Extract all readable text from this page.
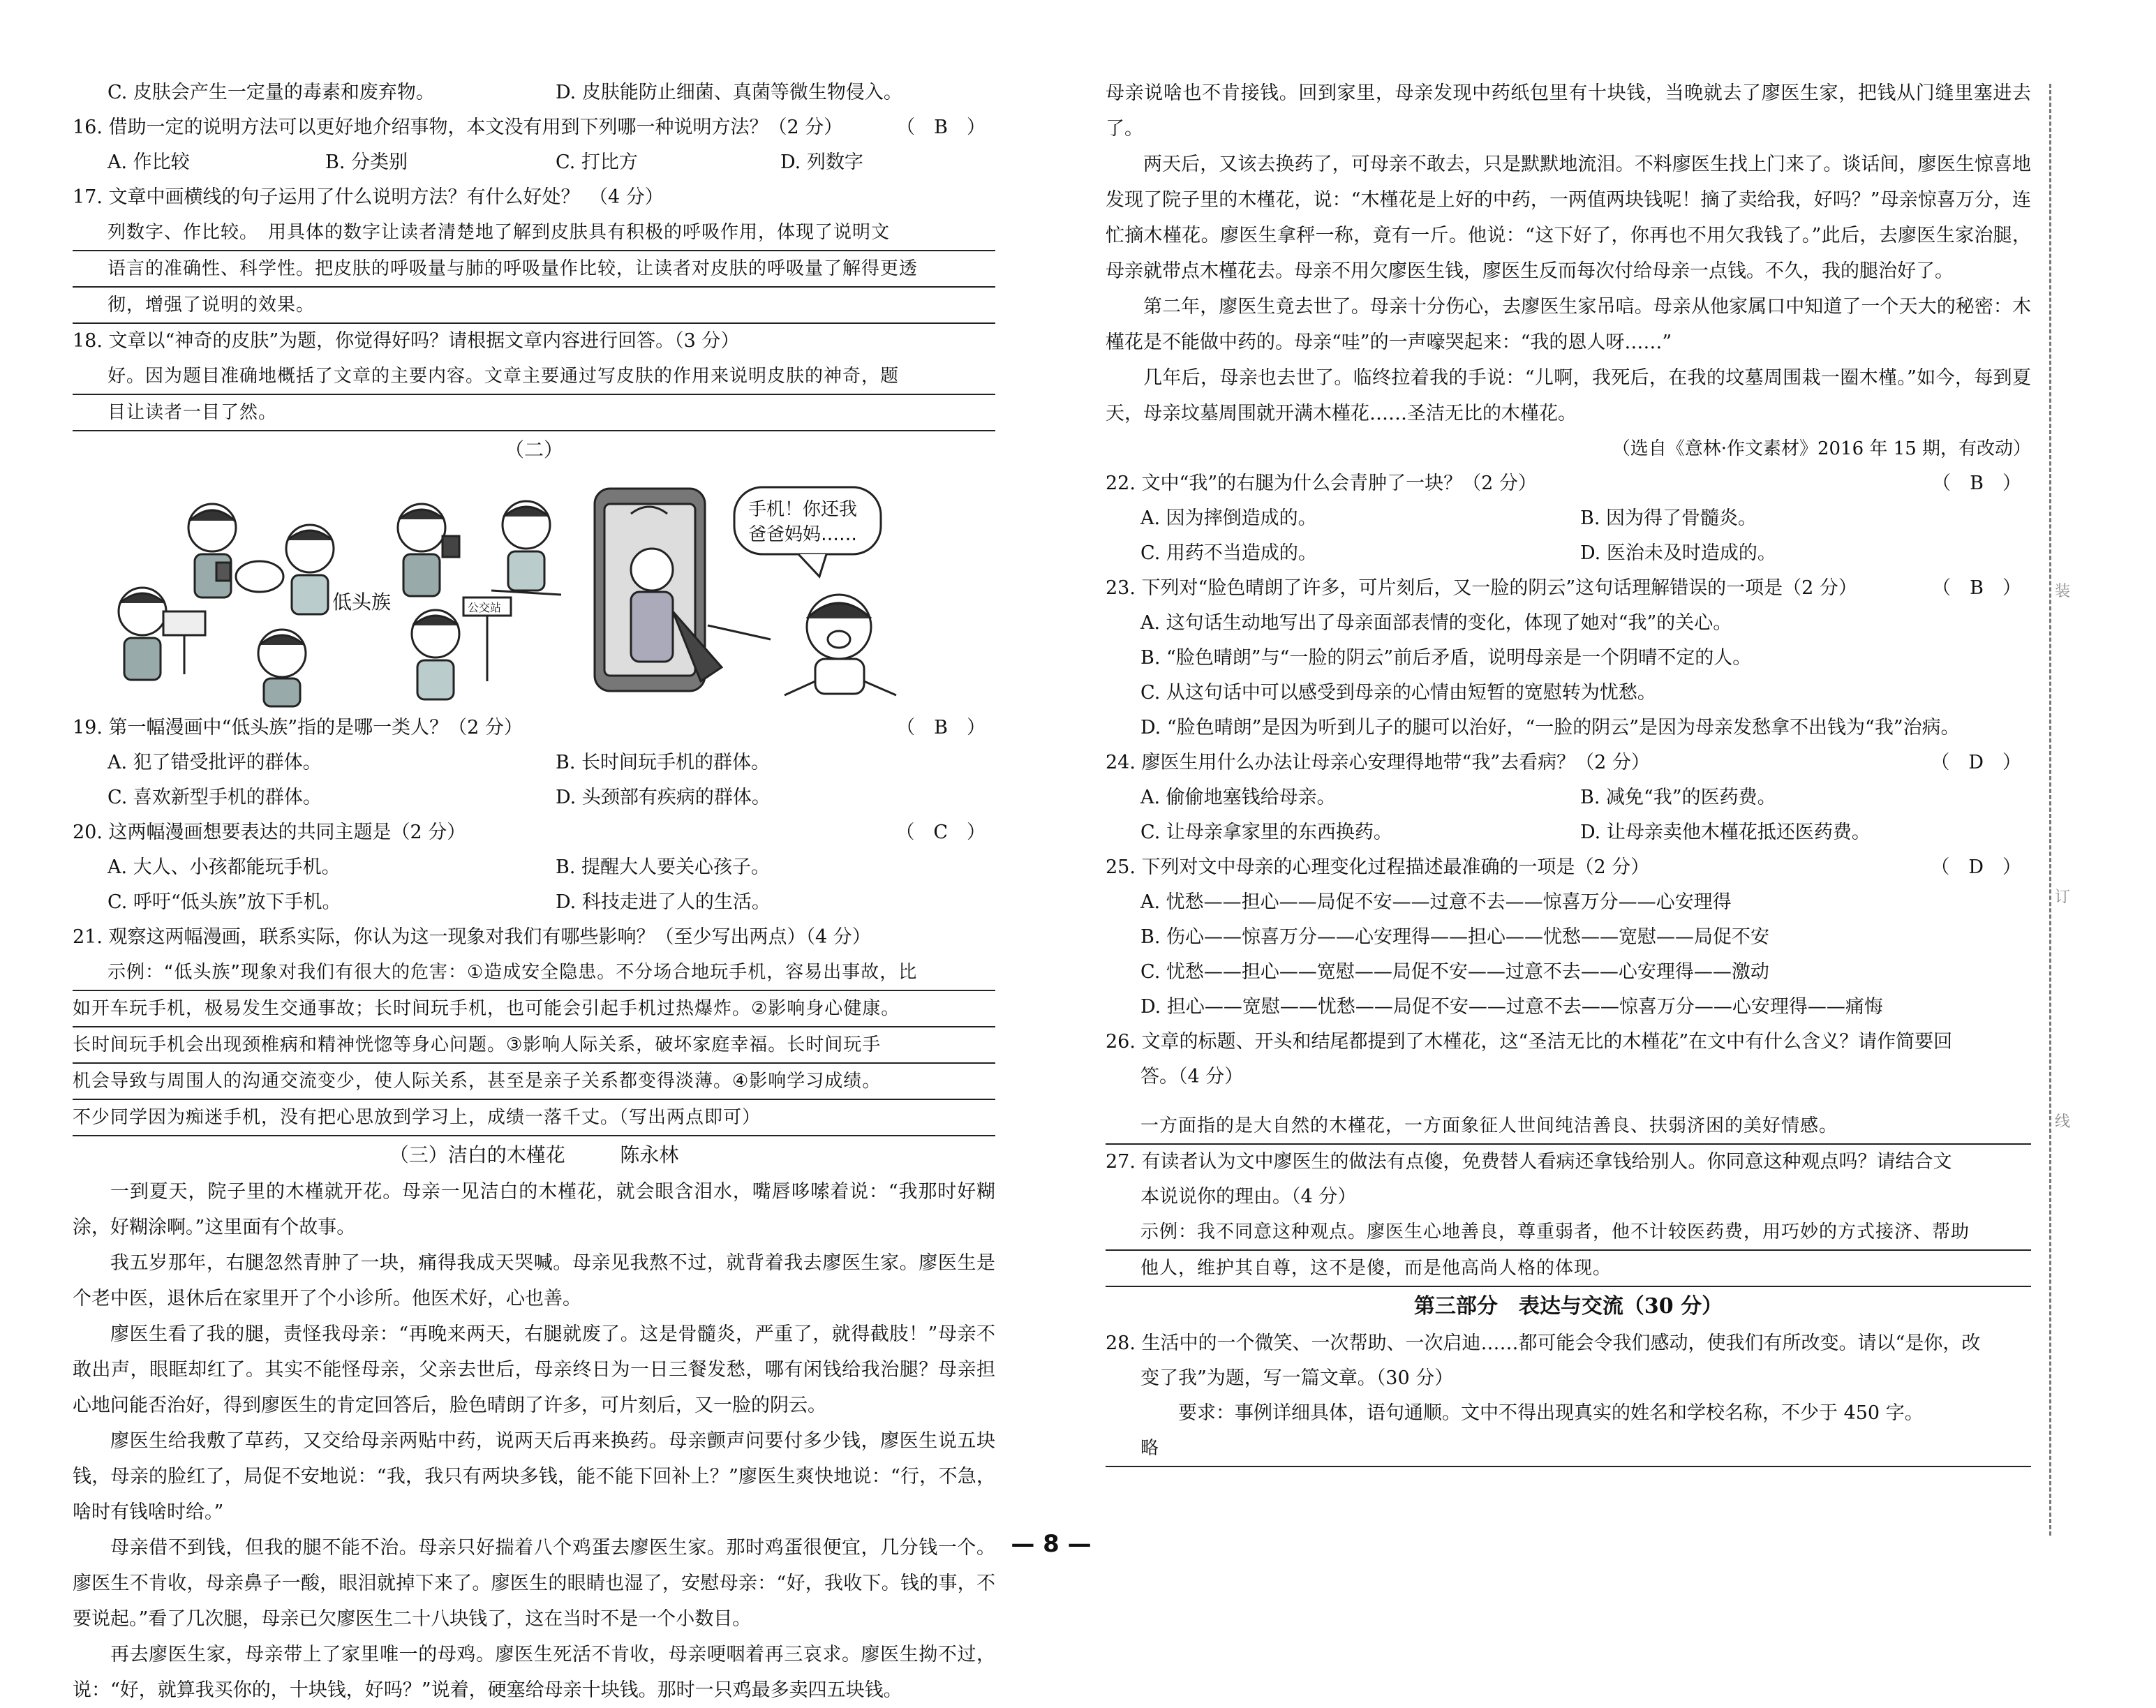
C. 皮肤会产生一定量的毒素和废弃物。	D. 皮肤能防止细菌、真菌等微生物侵入。
16. 借助一定的说明方法可以更好地介绍事物，本文没有用到下列哪一种说明方法？（2 分）	（　B　）
A. 作比较	B. 分类别	C. 打比方	D. 列数字
17. 文章中画横线的句子运用了什么说明方法？有什么好处？　（4 分）
列数字、作比较。　用具体的数字让读者清楚地了解到皮肤具有积极的呼吸作用，体现了说明文
语言的准确性、科学性。把皮肤的呼吸量与肺的呼吸量作比较，让读者对皮肤的呼吸量了解得更透
彻，增强了说明的效果。
18. 文章以“神奇的皮肤”为题，你觉得好吗？请根据文章内容进行回答。（3 分）
好。因为题目准确地概括了文章的主要内容。文章主要通过写皮肤的作用来说明皮肤的神奇，题
目让读者一目了然。
（二）
低头族	公交站
手机！你还我
爸爸妈妈……
19. 第一幅漫画中“低头族”指的是哪一类人？（2 分）	（　B　）
A. 犯了错受批评的群体。	B. 长时间玩手机的群体。
C. 喜欢新型手机的群体。	D. 头颈部有疾病的群体。
20. 这两幅漫画想要表达的共同主题是（2 分）	（　C　）
A. 大人、小孩都能玩手机。	B. 提醒大人要关心孩子。
C. 呼吁“低头族”放下手机。	D. 科技走进了人的生活。
21. 观察这两幅漫画，联系实际，你认为这一现象对我们有哪些影响？（至少写出两点）（4 分）
示例：“低头族”现象对我们有很大的危害：①造成安全隐患。不分场合地玩手机，容易出事故，比
如开车玩手机，极易发生交通事故；长时间玩手机，也可能会引起手机过热爆炸。②影响身心健康。
长时间玩手机会出现颈椎病和精神恍惚等身心问题。③影响人际关系，破坏家庭幸福。长时间玩手
机会导致与周围人的沟通交流变少，使人际关系，甚至是亲子关系都变得淡薄。④影响学习成绩。
不少同学因为痴迷手机，没有把心思放到学习上，成绩一落千丈。（写出两点即可）
（三）洁白的木槿花	陈永林
一到夏天，院子里的木槿就开花。母亲一见洁白的木槿花，就会眼含泪水，嘴唇哆嗦着说：“我那时好糊涂，好糊涂啊。”这里面有个故事。
我五岁那年，右腿忽然青肿了一块，痛得我成天哭喊。母亲见我熬不过，就背着我去廖医生家。廖医生是个老中医，退休后在家里开了个小诊所。他医术好，心也善。
廖医生看了我的腿，责怪我母亲：“再晚来两天，右腿就废了。这是骨髓炎，严重了，就得截肢！”母亲不敢出声，眼眶却红了。其实不能怪母亲，父亲去世后，母亲终日为一日三餐发愁，哪有闲钱给我治腿？母亲担心地问能否治好，得到廖医生的肯定回答后，脸色晴朗了许多，可片刻后，又一脸的阴云。
廖医生给我敷了草药，又交给母亲两贴中药，说两天后再来换药。母亲颤声问要付多少钱，廖医生说五块钱，母亲的脸红了，局促不安地说：“我，我只有两块多钱，能不能下回补上？”廖医生爽快地说：“行，不急，啥时有钱啥时给。”
母亲借不到钱，但我的腿不能不治。母亲只好揣着八个鸡蛋去廖医生家。那时鸡蛋很便宜，几分钱一个。廖医生不肯收，母亲鼻子一酸，眼泪就掉下来了。廖医生的眼睛也湿了，安慰母亲：“好，我收下。钱的事，不要说起。”看了几次腿，母亲已欠廖医生二十八块钱了，这在当时不是一个小数目。
再去廖医生家，母亲带上了家里唯一的母鸡。廖医生死活不肯收，母亲哽咽着再三哀求。廖医生拗不过，说：“好，就算我买你的，十块钱，好吗？”说着，硬塞给母亲十块钱。那时一只鸡最多卖四五块钱。
母亲说啥也不肯接钱。回到家里，母亲发现中药纸包里有十块钱，当晚就去了廖医生家，把钱从门缝里塞进去了。
两天后，又该去换药了，可母亲不敢去，只是默默地流泪。不料廖医生找上门来了。谈话间，廖医生惊喜地发现了院子里的木槿花，说：“木槿花是上好的中药，一两值两块钱呢！摘了卖给我，好吗？”母亲惊喜万分，连忙摘木槿花。廖医生拿秤一称，竟有一斤。他说：“这下好了，你再也不用欠我钱了。”此后，去廖医生家治腿，母亲就带点木槿花去。母亲不用欠廖医生钱，廖医生反而每次付给母亲一点钱。不久，我的腿治好了。
第二年，廖医生竟去世了。母亲十分伤心，去廖医生家吊唁。母亲从他家属口中知道了一个天大的秘密：木槿花是不能做中药的。母亲“哇”的一声嚎哭起来：“我的恩人呀……”
几年后，母亲也去世了。临终拉着我的手说：“儿啊，我死后，在我的坟墓周围栽一圈木槿。”如今，每到夏天，母亲坟墓周围就开满木槿花……圣洁无比的木槿花。
（选自《意林·作文素材》2016 年 15 期，有改动）
22. 文中“我”的右腿为什么会青肿了一块？（2 分）	（　B　）
A. 因为摔倒造成的。	B. 因为得了骨髓炎。
C. 用药不当造成的。	D. 医治未及时造成的。
23. 下列对“脸色晴朗了许多，可片刻后，又一脸的阴云”这句话理解错误的一项是（2 分）	（　B　）
A. 这句话生动地写出了母亲面部表情的变化，体现了她对“我”的关心。
B. “脸色晴朗”与“一脸的阴云”前后矛盾，说明母亲是一个阴晴不定的人。
C. 从这句话中可以感受到母亲的心情由短暂的宽慰转为忧愁。
D. “脸色晴朗”是因为听到儿子的腿可以治好，“一脸的阴云”是因为母亲发愁拿不出钱为“我”治病。
24. 廖医生用什么办法让母亲心安理得地带“我”去看病？（2 分）	（　D　）
A. 偷偷地塞钱给母亲。	B. 减免“我”的医药费。
C. 让母亲拿家里的东西换药。	D. 让母亲卖他木槿花抵还医药费。
25. 下列对文中母亲的心理变化过程描述最准确的一项是（2 分）	（　D　）
A. 忧愁——担心——局促不安——过意不去——惊喜万分——心安理得
B. 伤心——惊喜万分——心安理得——担心——忧愁——宽慰——局促不安
C. 忧愁——担心——宽慰——局促不安——过意不去——心安理得——激动
D. 担心——宽慰——忧愁——局促不安——过意不去——惊喜万分——心安理得——痛悔
26. 文章的标题、开头和结尾都提到了木槿花，这“圣洁无比的木槿花”在文中有什么含义？请作简要回
答。（4 分）
一方面指的是大自然的木槿花，一方面象征人世间纯洁善良、扶弱济困的美好情感。
27. 有读者认为文中廖医生的做法有点傻，免费替人看病还拿钱给别人。你同意这种观点吗？请结合文
本说说你的理由。（4 分）
示例：我不同意这种观点。廖医生心地善良，尊重弱者，他不计较医药费，用巧妙的方式接济、帮助
他人，维护其自尊，这不是傻，而是他高尚人格的体现。
第三部分　表达与交流（30 分）
28. 生活中的一个微笑、一次帮助、一次启迪……都可能会令我们感动，使我们有所改变。请以“是你，改
变了我”为题，写一篇文章。（30 分）
要求：事例详细具体，语句通顺。文中不得出现真实的姓名和学校名称，不少于 450 字。
略
装
订
线
— 8 —
